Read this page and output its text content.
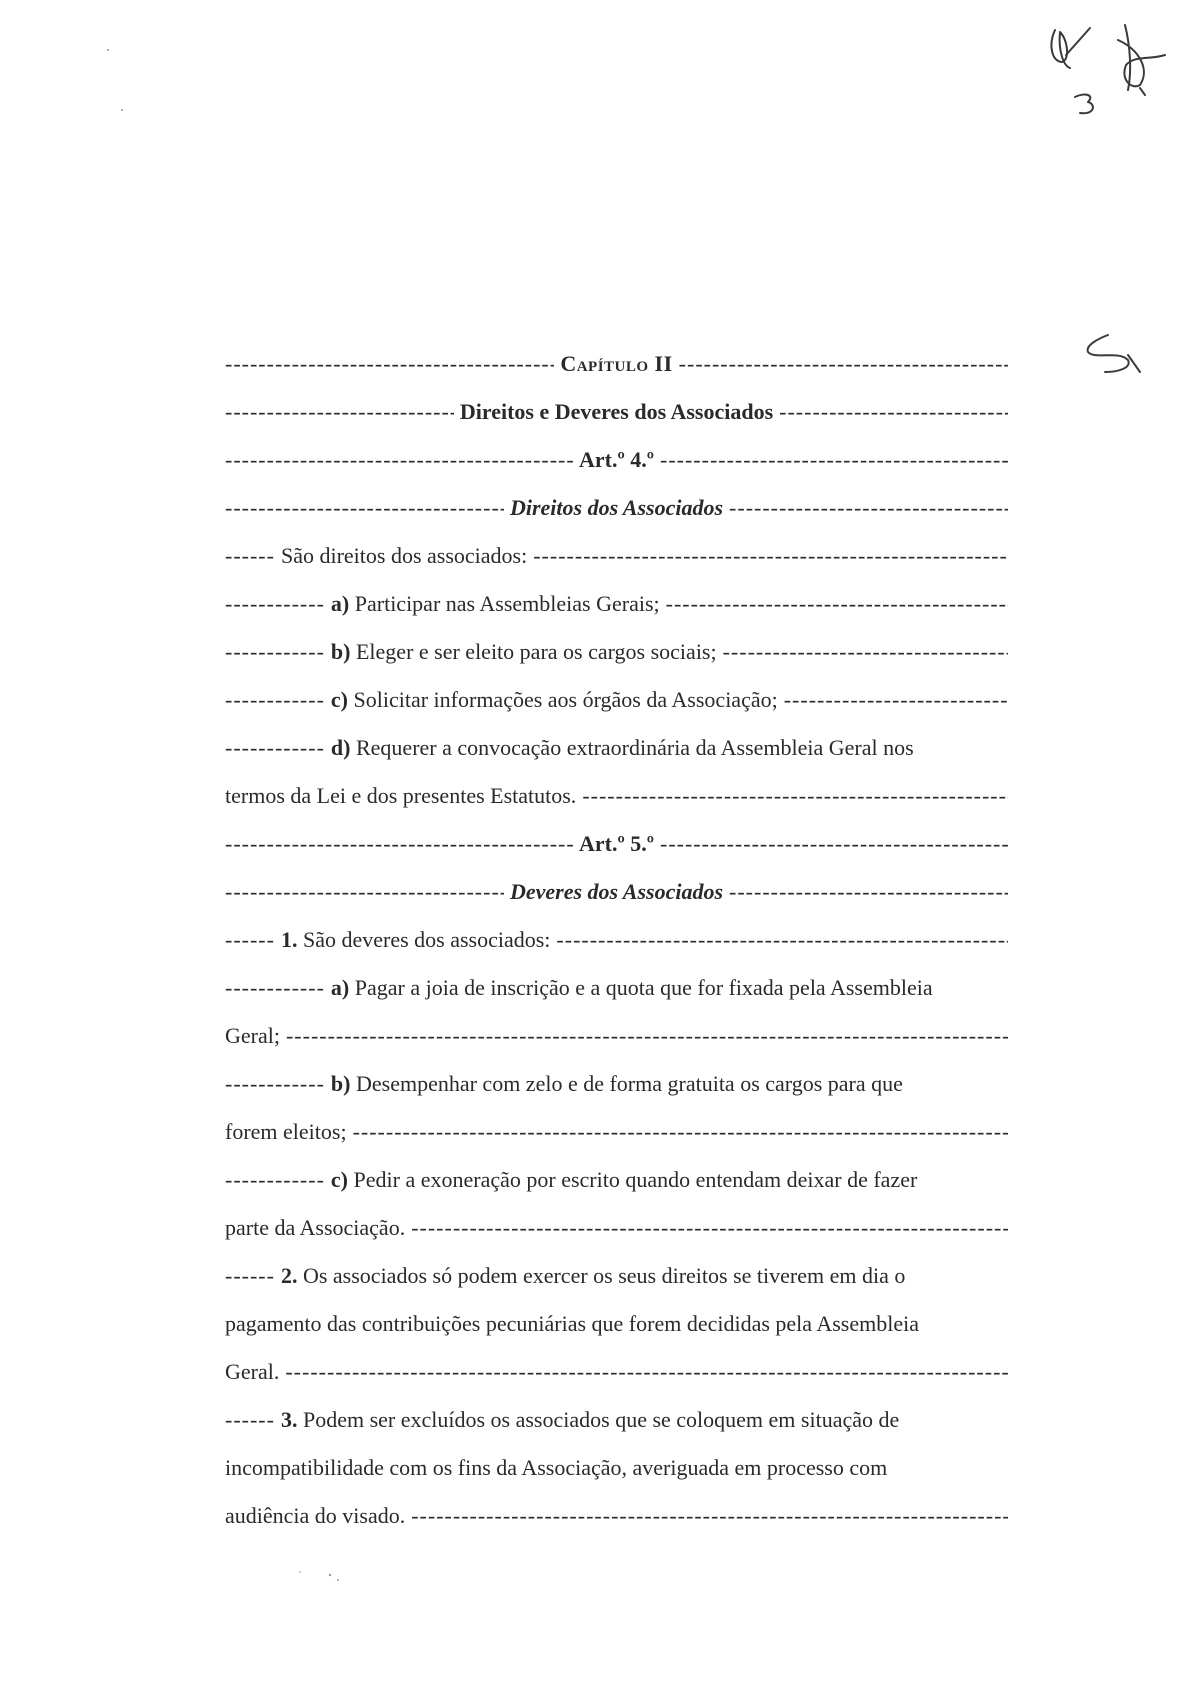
-----
Capítulo II
-----
-----
Direitos e Deveres dos Associados
-----
-----
Art.º 4.º
-----
-----
Direitos dos Associados
-----
------ São direitos dos associados:
-----
------------ a) Participar nas Assembleias Gerais;
-----
------------ b) Eleger e ser eleito para os cargos sociais;
-----
------------ c) Solicitar informações aos órgãos da Associação;
-----
------------ d) Requerer a convocação extraordinária da Assembleia Geral nos
termos da Lei e dos presentes Estatutos.
-----
-----
Art.º 5.º
-----
-----
Deveres dos Associados
-----
------ 1. São deveres dos associados:
-----
------------ a) Pagar a joia de inscrição e a quota que for fixada pela Assembleia
Geral;
-----
------------ b) Desempenhar com zelo e de forma gratuita os cargos para que
forem eleitos;
-----
------------ c) Pedir a exoneração por escrito quando entendam deixar de fazer
parte da Associação.
-----
------ 2. Os associados só podem exercer os seus direitos se tiverem em dia o
pagamento das contribuições pecuniárias que forem decididas pela Assembleia
Geral.
-----
------ 3. Podem ser excluídos os associados que se coloquem em situação de
incompatibilidade com os fins da Associação, averiguada em processo com
audiência do visado.
-----
